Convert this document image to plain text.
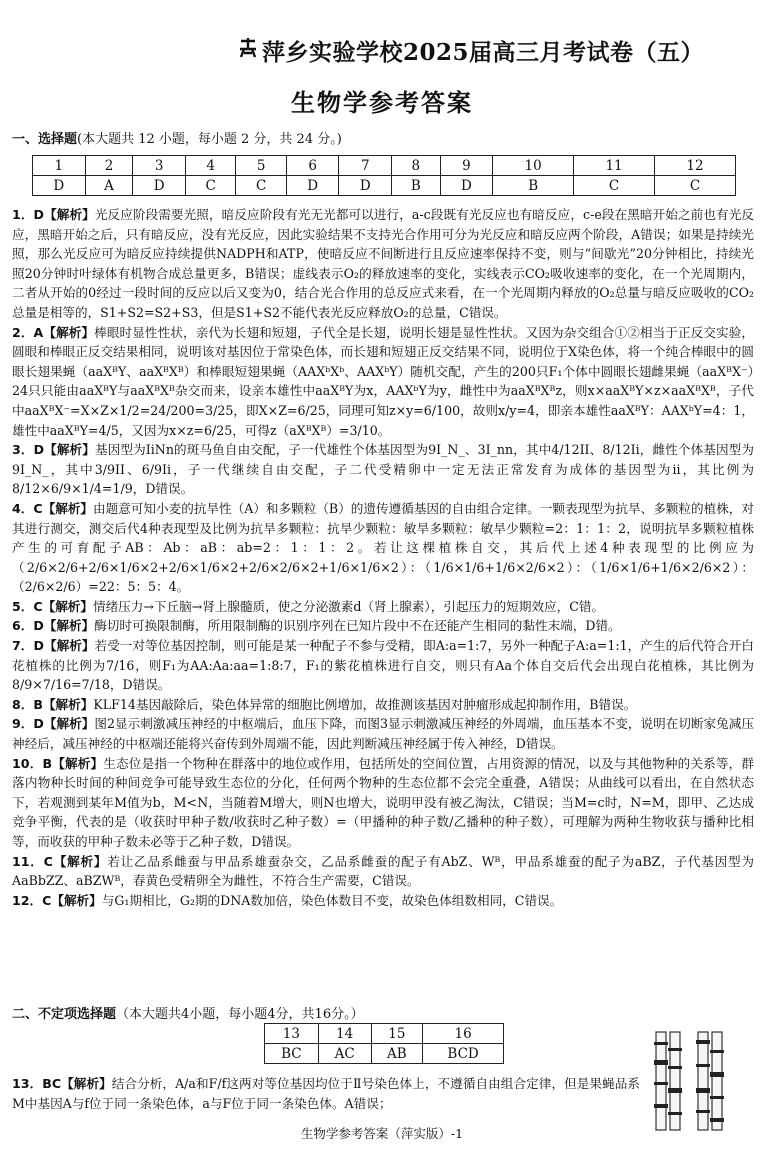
萍乡实验学校2025届高三月考试卷（五）
生物学参考答案
一、选择题(本大题共 12 小题，每小题 2 分，共 24 分。)
1	2	3	4	5	6	7	8	9	10	11	12
D	A	D	C	C	D	D	B	D	B	C	C

1．D【解析】光反应阶段需要光照，暗反应阶段有光无光都可以进行，a-c段既有光反应也有暗反应，c-e段在黑暗开始之前也有光反应，黑暗开始之后，只有暗反应，没有光反应，因此实验结果不支持光合作用可分为光反应和暗反应两个阶段，A错误；如果是持续光照，那么光反应可为暗反应持续提供NADPH和ATP，使暗反应不间断进行且反应速率保持不变，则与“间歇光”20分钟相比，持续光照20分钟时叶绿体有机物合成总量更多，B错误；虚线表示O₂的释放速率的变化，实线表示CO₂吸收速率的变化，在一个光周期内，二者从开始的0经过一段时间的反应以后又变为0，结合光合作用的总反应式来看，在一个光周期内释放的O₂总量与暗反应吸收的CO₂总量是相等的，S1+S2=S2+S3，但是S1+S2不能代表光反应释放O₂的总量，C错误。

2．A【解析】棒眼时显性性状，亲代为长翅和短翅，子代全是长翅，说明长翅是显性性状。又因为杂交组合①②相当于正反交实验，圆眼和棒眼正反交结果相同，说明该对基因位于常染色体，而长翅和短翅正反交结果不同，说明位于X染色体，将一个纯合棒眼中的圆眼长翅果蝇（aaXᴮY、aaXᴮXᴮ）和棒眼短翅果蝇（AAXᵇXᵇ、AAXᵇY）随机交配，产生的200只F₁个体中圆眼长翅雌果蝇（aaXᴮX⁻）24只只能由aaXᴮY与aaXᴮXᴮ杂交而来，设亲本雄性中aaXᴮY为x，AAXᵇY为y，雌性中为aaXᴮXᴮz，则x×aaXᴮY×z×aaXᴮXᴮ，子代中aaXᴮX⁻=X×Z×1/2=24/200=3/25，即X×Z=6/25，同理可知z×y=6/100，故则x/y=4，即亲本雄性aaXᴮY：AAXᵇY=4：1，雄性中aaXᴮY=4/5，又因为x×z=6/25，可得z（aXᴮXᴮ）=3/10。

3．D【解析】基因型为IiNn的斑马鱼自由交配，子一代雄性个体基因型为9I_N_、3I_nn，其中4/12II、8/12Ii，雌性个体基因型为9I_N_，其中3/9II、6/9Ii，子一代继续自由交配，子二代受精卵中一定无法正常发育为成体的基因型为ii，其比例为8/12×6/9×1/4=1/9，D错误。

4．C【解析】由题意可知小麦的抗旱性（A）和多颗粒（B）的遗传遵循基因的自由组合定律。一颗表现型为抗旱、多颗粒的植株，对其进行测交，测交后代4种表现型及比例为抗旱多颗粒：抗旱少颗粒：敏旱多颗粒：敏旱少颗粒=2：1：1：2，说明抗旱多颗粒植株产生的可育配子AB：Ab：aB：ab=2：1：1：2。若让这棵植株自交，其后代上述4种表现型的比例应为（2/6×2/6+2/6×1/6×2+2/6×1/6×2+2/6×2/6×2+1/6×1/6×2）：（1/6×1/6+1/6×2/6×2）：（1/6×1/6+1/6×2/6×2）：（2/6×2/6）=22：5：5：4。

5．C【解析】情绪压力→下丘脑→肾上腺髓质，使之分泌激素d（肾上腺素），引起压力的短期效应，C错。

6．D【解析】酶切时可换限制酶，所用限制酶的识别序列在已知片段中不在还能产生相同的黏性末端，D错。

7．D【解析】若受一对等位基因控制，则可能是某一种配子不参与受精，即A:a=1:7，另外一种配子A:a=1:1，产生的后代符合开白花植株的比例为7/16，则F₁为AA:Aa:aa=1:8:7，F₁的紫花植株进行自交，则只有Aa个体自交后代会出现白花植株，其比例为8/9×7/16=7/18，D错误。

8．B【解析】KLF14基因敲除后，染色体异常的细胞比例增加，故推测该基因对肿瘤形成起抑制作用，B错误。

9．D【解析】图2显示刺激减压神经的中枢端后，血压下降，而图3显示刺激减压神经的外周端，血压基本不变，说明在切断家兔减压神经后，减压神经的中枢端还能将兴奋传到外周端不能，因此判断减压神经属于传入神经，D错误。

10．B【解析】生态位是指一个物种在群落中的地位或作用，包括所处的空间位置，占用资源的情况，以及与其他物种的关系等，群落内物种长时间的种间竞争可能导致生态位的分化，任何两个物种的生态位都不会完全重叠，A错误；从曲线可以看出，在自然状态下，若观测到某年M值为b，M<N，当随着M增大，则N也增大，说明甲没有被乙淘汰，C错误；当M=c时，N=M，即甲、乙达成竞争平衡，代表的是（收获时甲种子数/收获时乙种子数）=（甲播种的种子数/乙播种的种子数），可理解为两种生物收获与播种比相等，而收获的甲种子数未必等于乙种子数，D错误。

11．C【解析】若让乙品系雌蚕与甲品系雄蚕杂交，乙品系雌蚕的配子有AbZ、Wᴮ，甲品系雄蚕的配子为aBZ，子代基因型为AaBbZZ、aBZWᴮ，春黄色受精卵全为雌性，不符合生产需要，C错误。

12．C【解析】与G₁期相比，G₂期的DNA数加倍，染色体数目不变，故染色体组数相同，C错误。

二、不定项选择题（本大题共4小题，每小题4分，共16分。）
13	14	15	16
BC	AC	AB	BCD

13．BC【解析】结合分析，A/a和F/f这两对等位基因均位于Ⅱ号染色体上，不遵循自由组合定律，但是果蝇品系M中基因A与f位于同一条染色体，a与F位于同一条染色体。A错误；

生物学参考答案（萍实版）-1
